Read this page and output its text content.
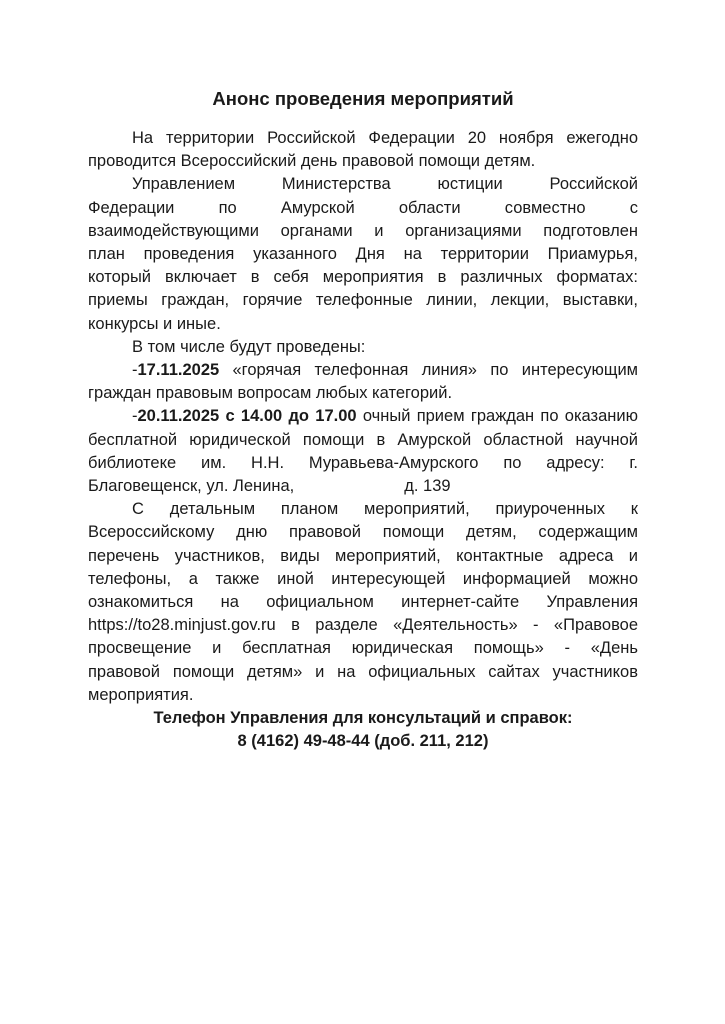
Анонс проведения мероприятий
На территории Российской Федерации 20 ноября ежегодно
проводится Всероссийский день правовой помощи детям.
Управлением Министерства юстиции Российской
Федерации по Амурской области совместно с
взаимодействующими органами и организациями подготовлен
план проведения указанного Дня на территории Приамурья,
который включает в себя мероприятия в различных форматах:
приемы граждан, горячие телефонные линии, лекции, выставки,
конкурсы и иные.
В том числе будут проведены:
-17.11.2025 «горячая телефонная линия» по интересующим
граждан правовым вопросам любых категорий.
-20.11.2025 с 14.00 до 17.00 очный прием граждан по оказанию
бесплатной юридической помощи в Амурской областной научной
библиотеке им. Н.Н. Муравьева-Амурского по адресу: г.
Благовещенск, ул. Ленина,	д. 139
С детальным планом мероприятий, приуроченных к
Всероссийскому дню правовой помощи детям, содержащим
перечень участников, виды мероприятий, контактные адреса и
телефоны, а также иной интересующей информацией можно
ознакомиться на официальном интернет-сайте Управления
https://to28.minjust.gov.ru в разделе «Деятельность» - «Правовое
просвещение и бесплатная юридическая помощь» - «День
правовой помощи детям» и на официальных сайтах участников
мероприятия.
Телефон Управления для консультаций и справок:
8 (4162) 49-48-44 (доб. 211, 212)
